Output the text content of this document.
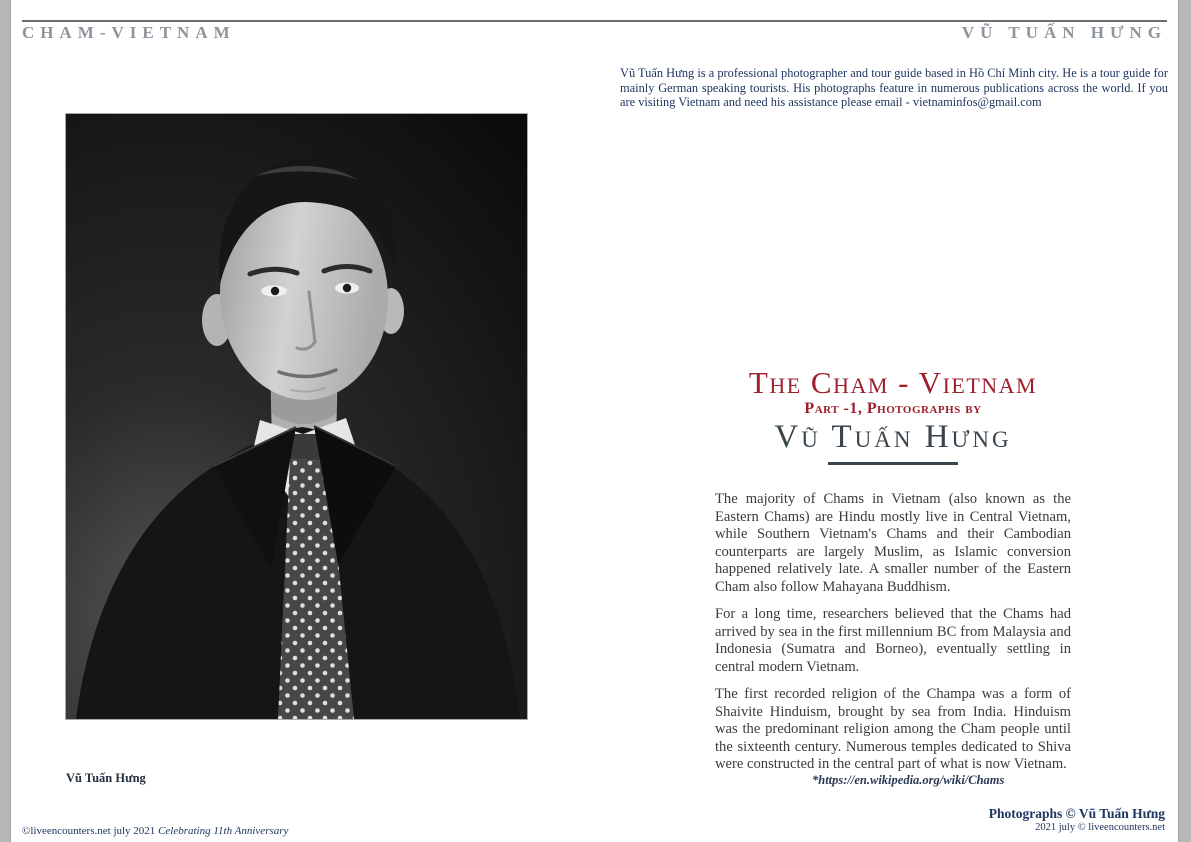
CHAM-VIETNAM	VŨ TUẤN HƯNG

Vũ Tuấn Hưng is a professional photographer and tour guide based in Hồ Chí Minh city. He is a tour guide for mainly German speaking tourists. His photographs feature in numerous publications across the world. If you are visiting Vietnam and need his assistance please email - vietnaminfos@gmail.com

Vũ Tuấn Hưng

The Cham - Vietnam
Part -1, Photographs by
Vũ Tuấn Hưng

The majority of Chams in Vietnam (also known as the Eastern Chams) are Hindu mostly live in Central Vietnam, while Southern Vietnam's Chams and their Cambodian counterparts are largely Muslim, as Islamic conversion happened relatively late. A smaller number of the Eastern Cham also follow Mahayana Buddhism.

For a long time, researchers believed that the Chams had arrived by sea in the first millennium BC from Malaysia and Indonesia (Sumatra and Borneo), eventually settling in central modern Vietnam.

The first recorded religion of the Champa was a form of Shaivite Hinduism, brought by sea from India. Hinduism was the predominant religion among the Cham people until the sixteenth century. Numerous temples dedicated to Shiva were constructed in the central part of what is now Vietnam.

*https://en.wikipedia.org/wiki/Chams

©liveencounters.net july 2021 Celebrating 11th Anniversary

Photographs © Vũ Tuấn Hưng

2021 july © liveencounters.net
